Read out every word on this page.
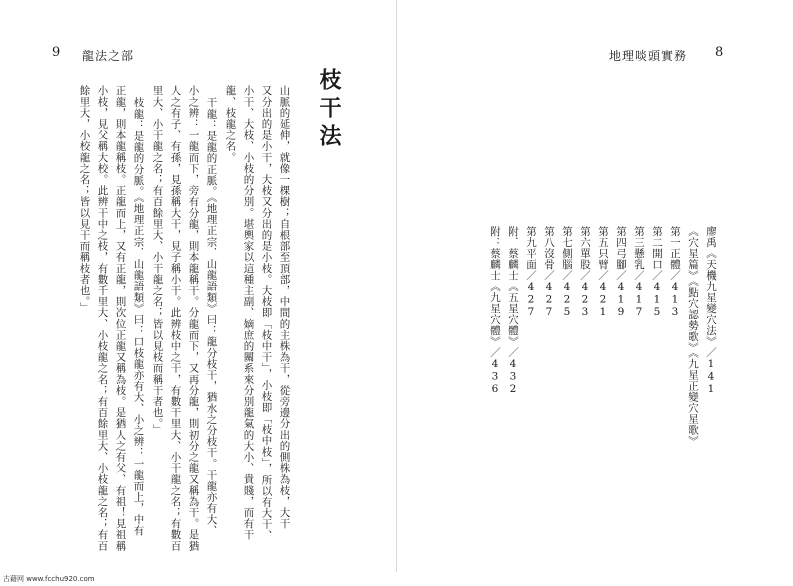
9 龍法之部
枝干法
山脈的延伸，就像一棵樹；自根部至頂部，中間的主株為干，從旁邊分出的側株為枝，大干
又分出的是小干，大枝又分出的是小枝。大枝即「枝中干」，小枝即「枝中枝」，所以有大干、
小干、大枝、小枝的分別。堪輿家以這種主副、嫡庶的關系來分別龍氣的大小、貴賤，而有干
龍、枝龍之名。
干龍：是龍的正脈。《地理正宗．山龍語類》曰：龍分枝干，猶水之分枝干。干龍亦有大、
小之辨：一龍而下，旁有分龍，則本龍稱干。分龍而下，又再分龍，則初分之龍又稱為干。是猶
人之有子、有孫，見孫稱大干，見子稱小干。此辨枝中之干，有數干里大、小干龍之名；有數百
里大、小干龍之名；有百餘里大、小干龍之名；皆以見枝而稱干者也。」
枝龍：是龍的分脈。《地理正宗．山龍語類》曰：口枝龍亦有大、小之辨：一龍而上，中有
正龍，則本龍稱枝。正龍而上，又有正龍，則次位正龍又稱為枝。是猶人之有父、有祖！見祖稱
小枝，見父稱大校。此辨干中之枝，有數千里大、小枝龍之名；有百餘里大、小枝龍之名；有百
餘里大，小校龍之名；皆以見干而稱枝者也。」
地理啖頭實務 8
廖禹《天機九星變穴法》／141
《穴星篇》《點穴認勢歌》《九星正變穴星歌》
第一正體／413
第二開口／415
第三懸乳／417
第四弓腳／419
第五只臂／421
第六單股／423
第七側腦／425
第八沒骨／427
第九平面／427
附．蔡麟士《五星穴體》／432
附：蔡麟士《九星穴體》／436
古藉网 www.fcchu920.com
